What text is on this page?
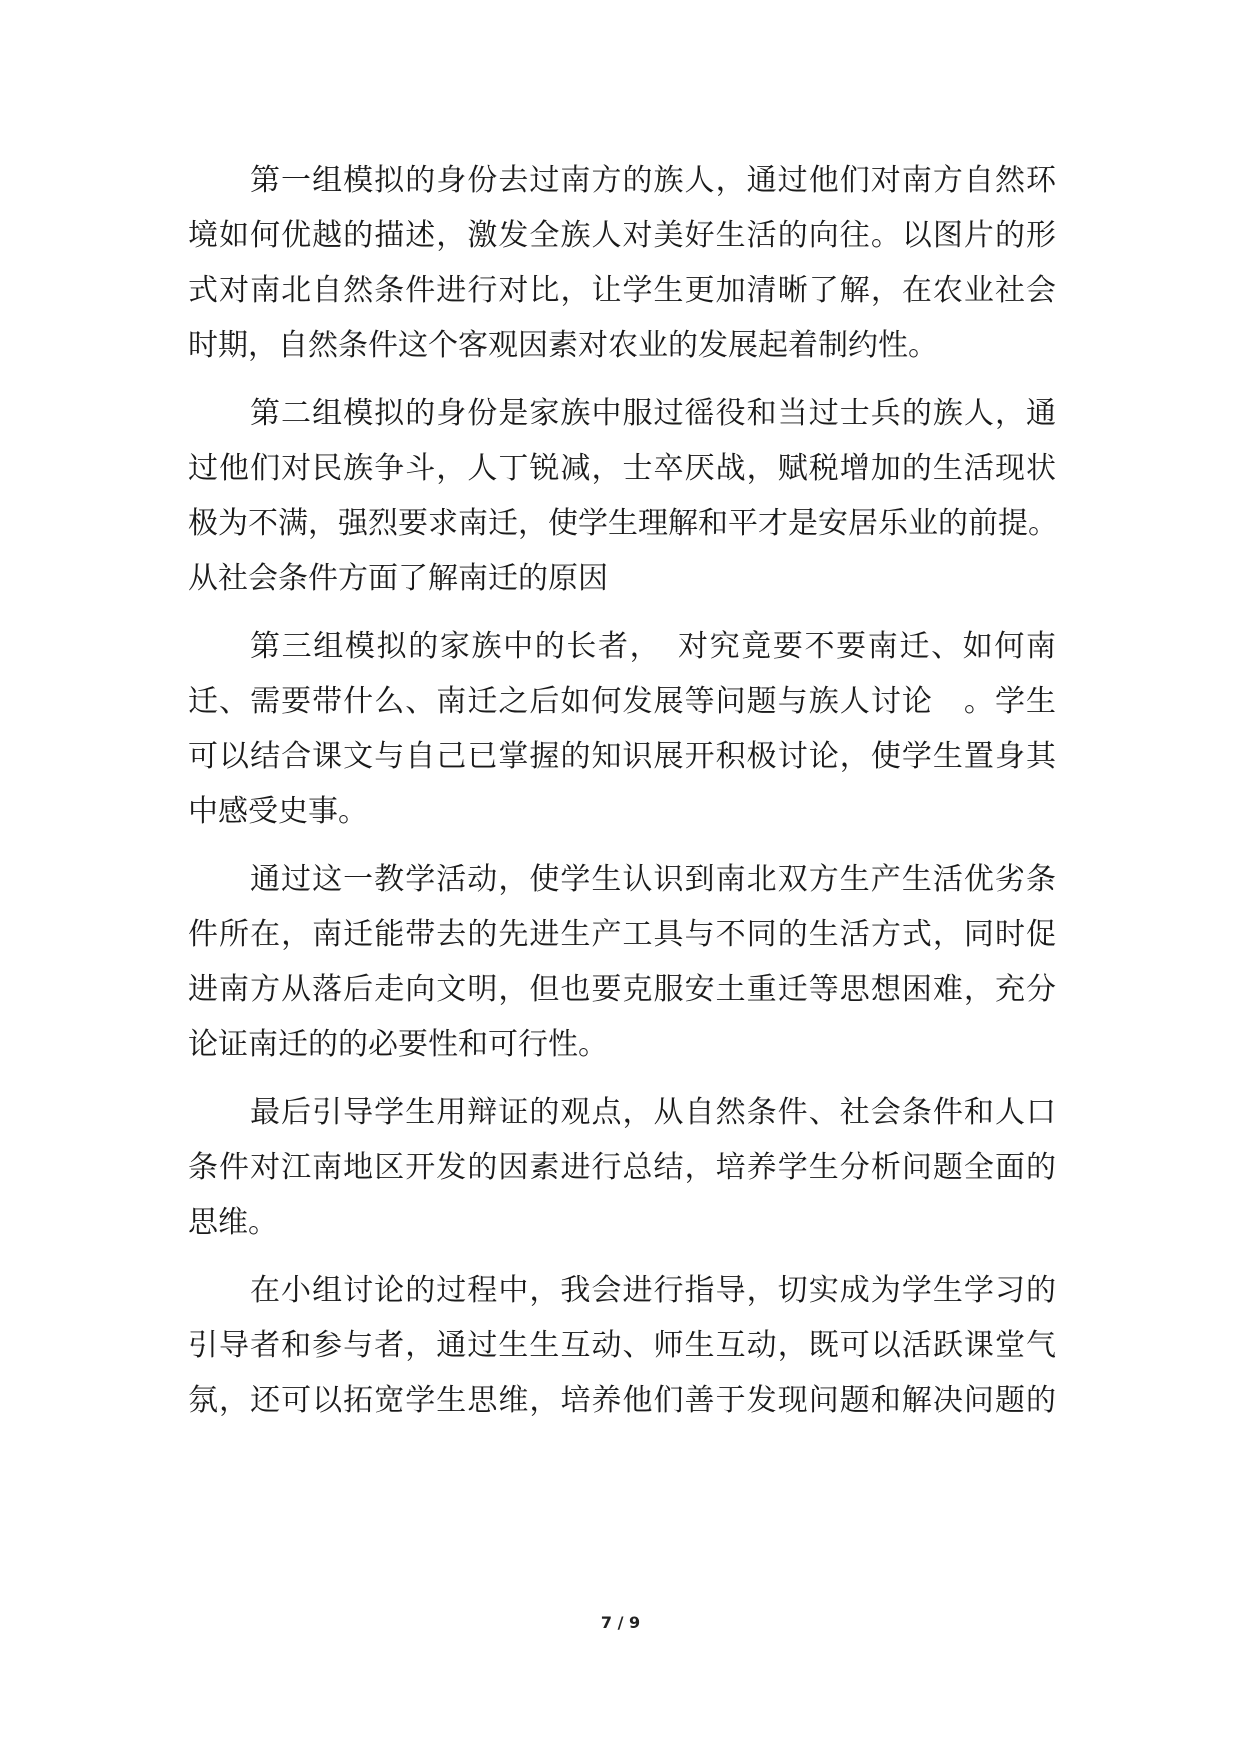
第一组模拟的身份去过南方的族人，通过他们对南方自然环
境如何优越的描述，激发全族人对美好生活的向往。以图片的形
式对南北自然条件进行对比，让学生更加清晰了解，在农业社会
时期，自然条件这个客观因素对农业的发展起着制约性。

第二组模拟的身份是家族中服过徭役和当过士兵的族人，通
过他们对民族争斗，人丁锐减，士卒厌战，赋税增加的生活现状
极为不满，强烈要求南迁，使学生理解和平才是安居乐业的前提。
从社会条件方面了解南迁的原因

第三组模拟的家族中的长者，　对究竟要不要南迁、如何南
迁、需要带什么、南迁之后如何发展等问题与族人讨论　。学生
可以结合课文与自己已掌握的知识展开积极讨论，使学生置身其
中感受史事。

通过这一教学活动，使学生认识到南北双方生产生活优劣条
件所在，南迁能带去的先进生产工具与不同的生活方式，同时促
进南方从落后走向文明，但也要克服安土重迁等思想困难，充分
论证南迁的的必要性和可行性。

最后引导学生用辩证的观点，从自然条件、社会条件和人口
条件对江南地区开发的因素进行总结，培养学生分析问题全面的
思维。

在小组讨论的过程中，我会进行指导，切实成为学生学习的
引导者和参与者，通过生生互动、师生互动，既可以活跃课堂气
氛，还可以拓宽学生思维，培养他们善于发现问题和解决问题的

7 / 9
